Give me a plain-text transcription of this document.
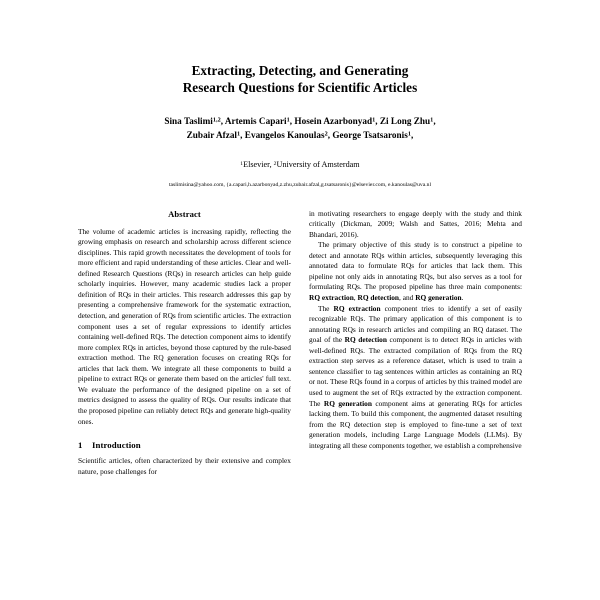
Extracting, Detecting, and Generating
Research Questions for Scientific Articles
Sina Taslimi$^{1,2}$, Artemis Capari$^1$, Hosein Azarbonyad$^1$, Zi Long Zhu$^1$,
Zubair Afzal$^1$, Evangelos Kanoulas$^2$, George Tsatsaronis$^1$,
$^1$Elsevier, $^2$University of Amsterdam
taslimisina@yahoo.com, {a.capari,h.azarbonyad,z.zhu,zubair.afzal,g.tsatsaronis}@elsevier.com, e.kanoulas@uva.nl
Abstract

The volume of academic articles is increasing rapidly, reflecting the growing emphasis on research and scholarship across different science disciplines. This rapid growth necessitates the development of tools for more efficient and rapid understanding of these articles. Clear and well-defined Research Questions (RQs) in research articles can help guide scholarly inquiries. However, many academic studies lack a proper definition of RQs in their articles. This research addresses this gap by presenting a comprehensive framework for the systematic extraction, detection, and generation of RQs from scientific articles. The extraction component uses a set of regular expressions to identify articles containing well-defined RQs. The detection component aims to identify more complex RQs in articles, beyond those captured by the rule-based extraction method. The RQ generation focuses on creating RQs for articles that lack them. We integrate all these components to build a pipeline to extract RQs or generate them based on the articles' full text. We evaluate the performance of the designed pipeline on a set of metrics designed to assess the quality of RQs. Our results indicate that the proposed pipeline can reliably detect RQs and generate high-quality ones.

1	Introduction

Scientific articles, often characterized by their extensive and complex nature, pose challenges for

in motivating researchers to engage deeply with the study and think critically (Dickman, 2009; Walsh and Sattes, 2016; Mehta and Bhandari, 2016).

The primary objective of this study is to construct a pipeline to detect and annotate RQs within articles, subsequently leveraging this annotated data to formulate RQs for articles that lack them. This pipeline not only aids in annotating RQs, but also serves as a tool for formulating RQs. The proposed pipeline has three main components: RQ extraction, RQ detection, and RQ generation.

The RQ extraction component tries to identify a set of easily recognizable RQs. The primary application of this component is to annotating RQs in research articles and compiling an RQ dataset. The goal of the RQ detection component is to detect RQs in articles with well-defined RQs. The extracted compilation of RQs from the RQ extraction step serves as a reference dataset, which is used to train a sentence classifier to tag sentences within articles as containing an RQ or not. These RQs found in a corpus of articles by this trained model are used to augment the set of RQs extracted by the extraction component. The RQ generation component aims at generating RQs for articles lacking them. To build this component, the augmented dataset resulting from the RQ detection step is employed to fine-tune a set of text generation models, including Large Language Models (LLMs). By integrating all these components together, we establish a comprehensive
